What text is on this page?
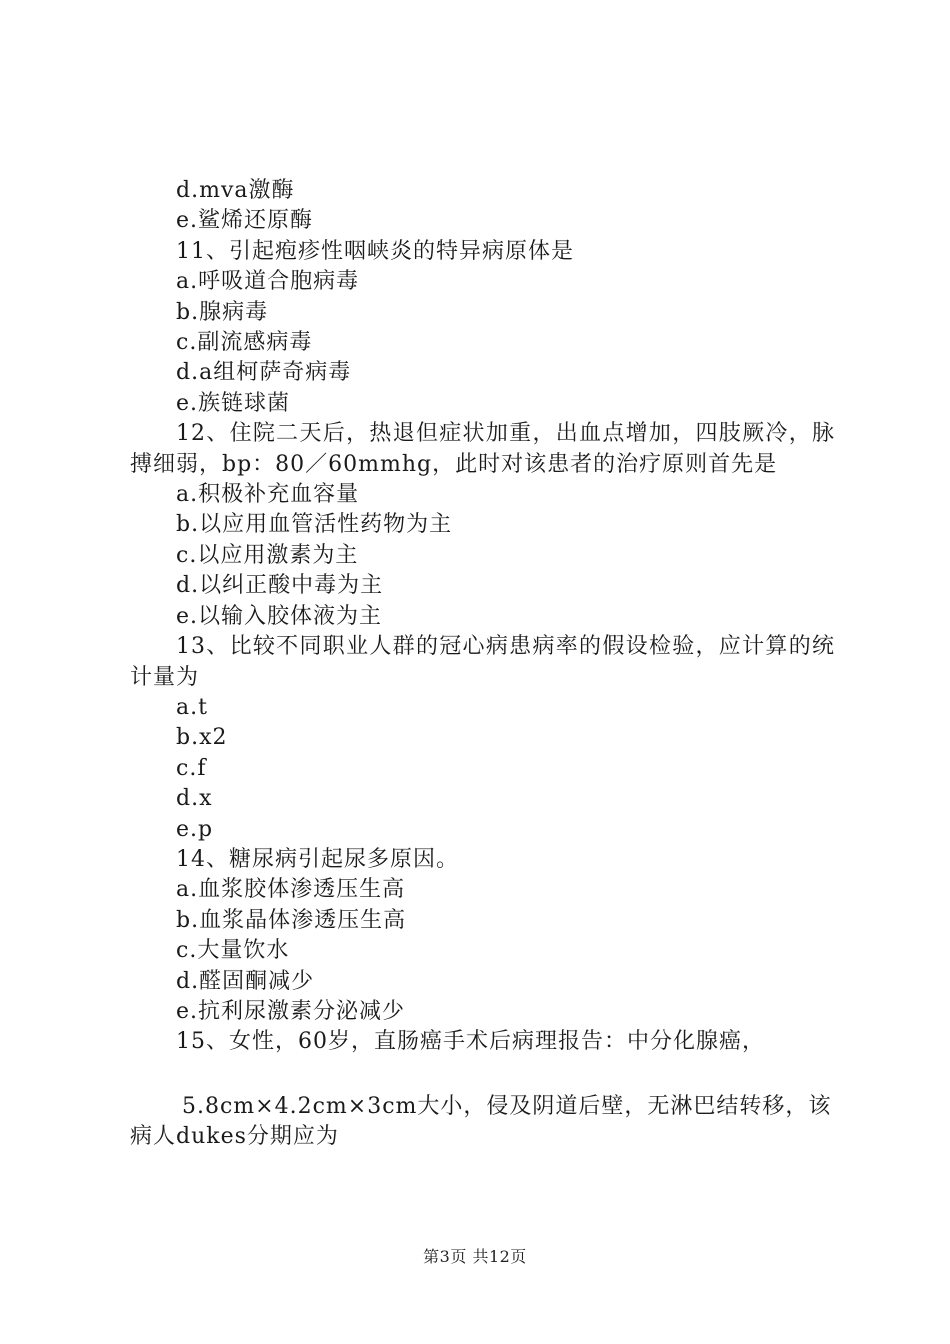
d.mva激酶
e.鲨烯还原酶
11、引起疱疹性咽峡炎的特异病原体是
a.呼吸道合胞病毒
b.腺病毒
c.副流感病毒
d.a组柯萨奇病毒
e.族链球菌
12、住院二天后，热退但症状加重，出血点增加，四肢厥冷，脉搏细弱，bp：80／60mmhg，此时对该患者的治疗原则首先是
a.积极补充血容量
b.以应用血管活性药物为主
c.以应用激素为主
d.以纠正酸中毒为主
e.以输入胶体液为主
13、比较不同职业人群的冠心病患病率的假设检验，应计算的统计量为
a.t
b.x2
c.f
d.x
e.p
14、糖尿病引起尿多原因。
a.血浆胶体渗透压生高
b.血浆晶体渗透压生高
c.大量饮水
d.醛固酮减少
e.抗利尿激素分泌减少
15、女性，60岁，直肠癌手术后病理报告：中分化腺癌，
5.8cm×4.2cm×3cm大小，侵及阴道后壁，无淋巴结转移，该病人dukes分期应为
第3页 共12页
